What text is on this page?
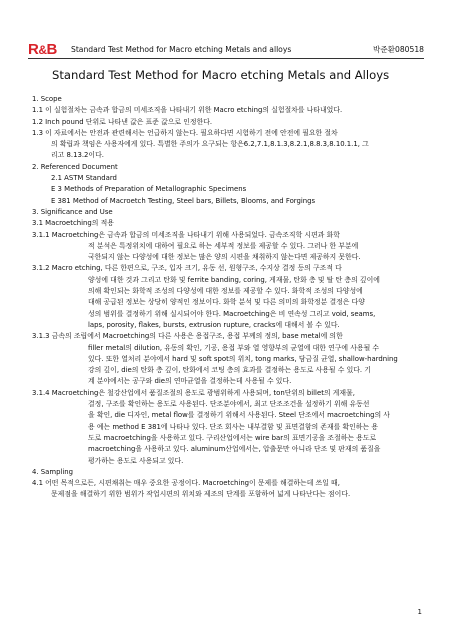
R&B Standard Test Method for Macro etching Metals and alloys	박준환080518
Standard Test Method for Macro etching Metals and Alloys
1. Scope
1.1 이 실험절차는 금속과 합금의 미세조직을 나타내기 위한 Macro etching의 실험절차를 나타내었다.
1.2 Inch pound 단위로 나타낸 값은 표준 값으로 인정한다.
1.3 이 자료에서는 안전과 관련해서는 언급하지 않는다. 필요하다면 시험하기 전에 안전에 필요한 절차
의 확립과 책임은 사용자에게 있다. 특별한 주의가 요구되는 항은6.2,7.1,8.1.3,8.2.1,8.8.3,8.10.1.1, 그
리고 8.13.2이다.
2. Referenced Document
2.1 ASTM Standard
E 3 Methods of Preparation of Metallographic Specimens
E 381 Method of Macroetch Testing, Steel bars, Billets, Blooms, and Forgings
3. Significance and Use
3.1 Macroetching의 적용
3.1.1 Macroetching은 금속과 합금의 미세조직을 나타내기 위해 사용되었다. 금속조직학 시편과 화학
적 분석은 특정위치에 대하여 필요로 하는 세부적 정보를 제공할 수 있다. 그러나 한 부분에
국한되지 않는 다양성에 대한 정보는 많은 양의 시편을 채취하지 않는다면 제공하지 못한다.
3.1.2 Macro etching, 다른 한편으로, 구조, 입자 크기, 유동 선, 원형구조, 수지상 결정 등의 구조적 다
양성에 대한 것과 그리고 탄화 및 ferrite banding, coring, 게재물, 탄화 층 및 탈 탄 층의 깊이에
의해 확인되는 화학적 조성의 다양성에 대한 정보를 제공할 수 있다. 화학적 조성의 다양성에
대해 공급된 정보는 상당히 양적인 정보이다. 화학 분석 및 다른 의미의 화학정분 결정은 다양
성의 범위를 결정하기 위해 실시되어야 한다. Macroetching은 비 연속성 그리고 void, seams,
laps, porosity, flakes, bursts, extrusion rupture, cracks에 대해서 볼 수 있다.
3.1.3 금속의 조립에서 Macroetching의 다른 사용은 용접구조, 용접 부께의 정의, base metal에 의한
filler metal의 dilution, 유동의 확인, 기공, 용접 부와 열 영향부의 균열에 대한 연구에 사용될 수
있다. 또한 열처리 분야에서 hard 및 soft spot의 위치, tong marks, 담금질 균열, shallow-hardning
강의 깊이, die의 탄화 층 깊이, 탄화에서 코팅 층의 효과를 결정하는 용도로 사용될 수 있다. 기
계 분야에서는 공구와 die의 연마균열을 결정하는데 사용될 수 있다.
3.1.4 Macroetching은 철강산업에서 품질조절의 용도로 광범위하게 사용되며, ton단위의 billet의 게재물,
결정, 구조를 확인하는 용도로 사용된다. 단조분야에서, 최고 단조조건을 설정하기 위해 유동선
을 확인, die 디자인, metal flow를 결정하기 위해서 사용된다. Steel 단조에서 macroetching의 사
용 예는 method E 381에 나타나 있다. 단조 회사는 내부결함 및 표면결함의 존재를 확인하는 용
도로 macroetching을 사용하고 있다. 구리산업에서는 wire bar의 표면기공을 조절하는 용도로
macroetching을 사용하고 있다. aluminum산업에서는, 압출문만 아니라 단조 및 판재의 품질을
평가하는 용도로 사용되고 있다.
4. Sampling
4.1 어떤 목적으로든, 시편채취는 매우 중요한 공정이다. Macroetching이 문제를 해결하는데 쓰일 때,
문제점을 해결하기 위한 범위가 작업시편의 위치와 제조의 단계를 포함하여 넓게 나타난다는 점이다.
1
